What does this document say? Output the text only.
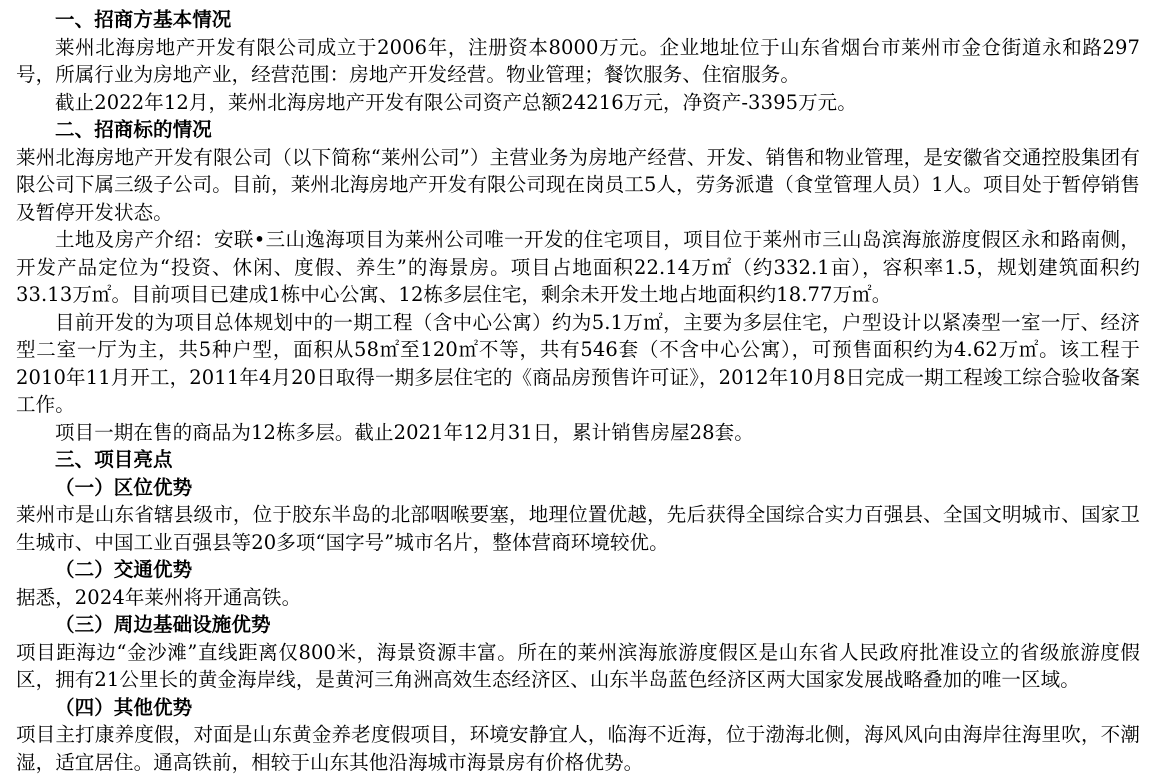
一、招商方基本情况

莱州北海房地产开发有限公司成立于2006年，注册资本8000万元。企业地址位于山东省烟台市莱州市金仓街道永和路297号，所属行业为房地产业，经营范围：房地产开发经营。物业管理；餐饮服务、住宿服务。

截止2022年12月，莱州北海房地产开发有限公司资产总额24216万元，净资产-3395万元。

二、招商标的情况

莱州北海房地产开发有限公司（以下简称“莱州公司”）主营业务为房地产经营、开发、销售和物业管理，是安徽省交通控股集团有限公司下属三级子公司。目前，莱州北海房地产开发有限公司现在岗员工5人，劳务派遣（食堂管理人员）1人。项目处于暂停销售及暂停开发状态。

土地及房产介绍：安联•三山逸海项目为莱州公司唯一开发的住宅项目，项目位于莱州市三山岛滨海旅游度假区永和路南侧，开发产品定位为“投资、休闲、度假、养生”的海景房。项目占地面积22.14万㎡（约332.1亩），容积率1.5，规划建筑面积约33.13万㎡。目前项目已建成1栋中心公寓、12栋多层住宅，剩余未开发土地占地面积约18.77万㎡。

目前开发的为项目总体规划中的一期工程（含中心公寓）约为5.1万㎡，主要为多层住宅，户型设计以紧凑型一室一厅、经济型二室一厅为主，共5种户型，面积从58㎡至120㎡不等，共有546套（不含中心公寓），可预售面积约为4.62万㎡。该工程于2010年11月开工，2011年4月20日取得一期多层住宅的《商品房预售许可证》，2012年10月8日完成一期工程竣工综合验收备案工作。

项目一期在售的商品为12栋多层。截止2021年12月31日，累计销售房屋28套。

三、项目亮点

（一）区位优势

莱州市是山东省辖县级市，位于胶东半岛的北部咽喉要塞，地理位置优越，先后获得全国综合实力百强县、全国文明城市、国家卫生城市、中国工业百强县等20多项“国字号”城市名片，整体营商环境较优。

（二）交通优势

据悉，2024年莱州将开通高铁。

（三）周边基础设施优势

项目距海边“金沙滩”直线距离仅800米，海景资源丰富。所在的莱州滨海旅游度假区是山东省人民政府批准设立的省级旅游度假区，拥有21公里长的黄金海岸线，是黄河三角洲高效生态经济区、山东半岛蓝色经济区两大国家发展战略叠加的唯一区域。

（四）其他优势

项目主打康养度假，对面是山东黄金养老度假项目，环境安静宜人，临海不近海，位于渤海北侧，海风风向由海岸往海里吹，不潮湿，适宜居住。通高铁前，相较于山东其他沿海城市海景房有价格优势。
